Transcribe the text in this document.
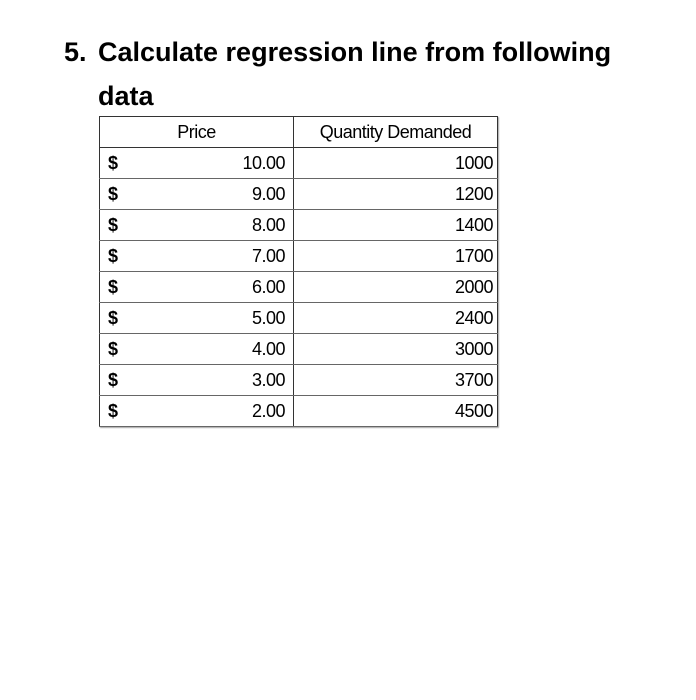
5. Calculate regression line from following
data
Price	Quantity Demanded

$ 10.00	1000

$ 9.00	1200

$ 8.00	1400

$ 7.00	1700

$ 6.00	2000

$ 5.00	2400

$ 4.00	3000

$ 3.00	3700

$ 2.00	4500
